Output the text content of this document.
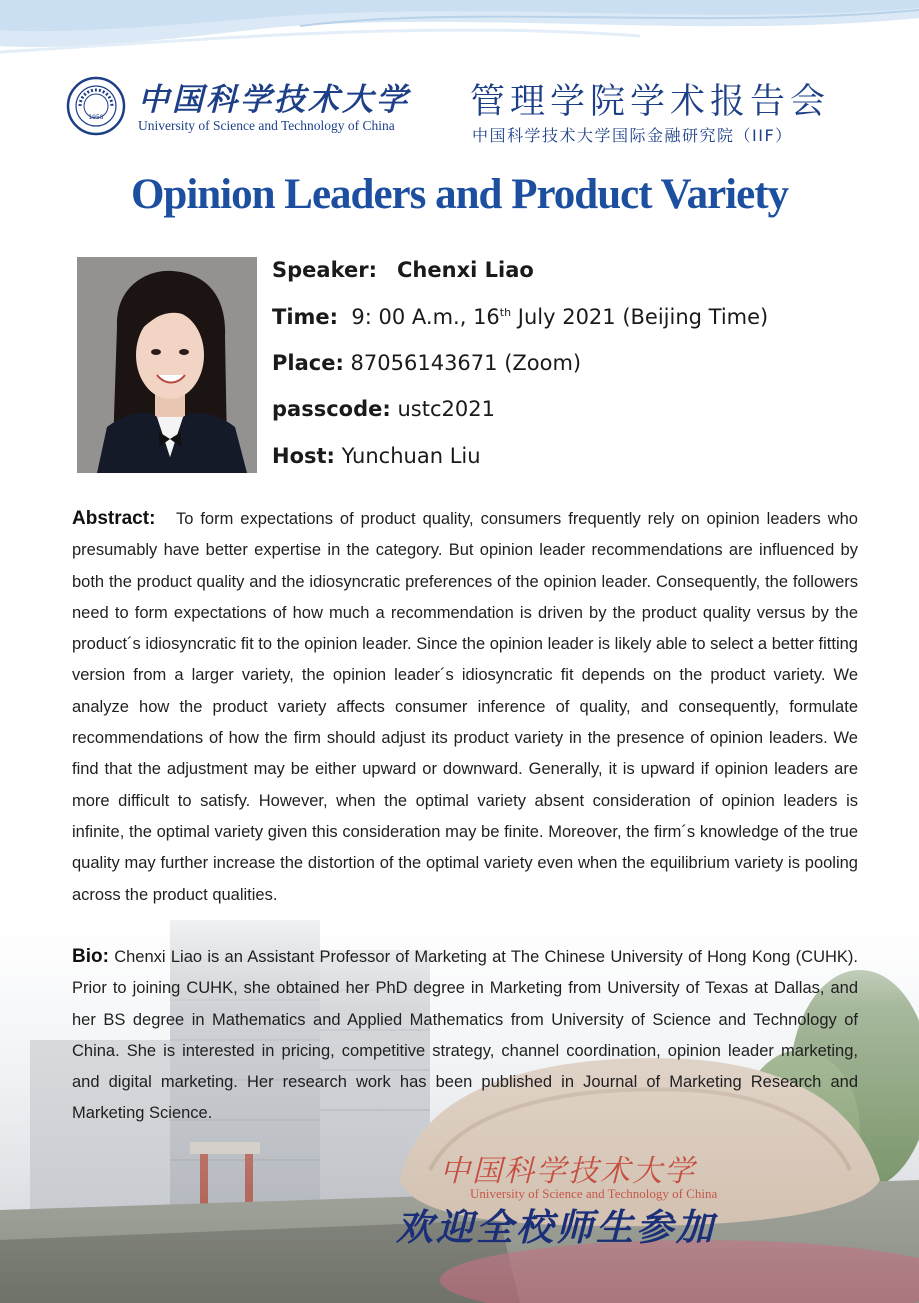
1958 中国科学技术大学
University of Science and Technology of China
管理学院学术报告会
中国科学技术大学国际金融研究院（IIF）
Opinion Leaders and Product Variety
Speaker: Chenxi Liao
Time: 9: 00 A.m., 16th July 2021 (Beijing Time)
Place: 87056143671 (Zoom)
passcode: ustc2021
Host: Yunchuan Liu
中国科学技术大学
University of Science and Technology of China
欢迎全校师生参加
Abstract: To form expectations of product quality, consumers frequently rely on opinion leaders who presumably have better expertise in the category. But opinion leader recommendations are influenced by both the product quality and the idiosyncratic preferences of the opinion leader. Consequently, the followers need to form expectations of how much a recommendation is driven by the product quality versus by the product´s idiosyncratic fit to the opinion leader. Since the opinion leader is likely able to select a better fitting version from a larger variety, the opinion leader´s idiosyncratic fit depends on the product variety. We analyze how the product variety affects consumer inference of quality, and consequently, formulate recommendations of how the firm should adjust its product variety in the presence of opinion leaders. We find that the adjustment may be either upward or downward. Generally, it is upward if opinion leaders are more difficult to satisfy. However, when the optimal variety absent consideration of opinion leaders is infinite, the optimal variety given this consideration may be finite. Moreover, the firm´s knowledge of the true quality may further increase the distortion of the optimal variety even when the equilibrium variety is pooling across the product qualities.
Bio: Chenxi Liao is an Assistant Professor of Marketing at The Chinese University of Hong Kong (CUHK). Prior to joining CUHK, she obtained her PhD degree in Marketing from University of Texas at Dallas, and her BS degree in Mathematics and Applied Mathematics from University of Science and Technology of China. She is interested in pricing, competitive strategy, channel coordination, opinion leader marketing, and digital marketing. Her research work has been published in Journal of Marketing Research and Marketing Science.
